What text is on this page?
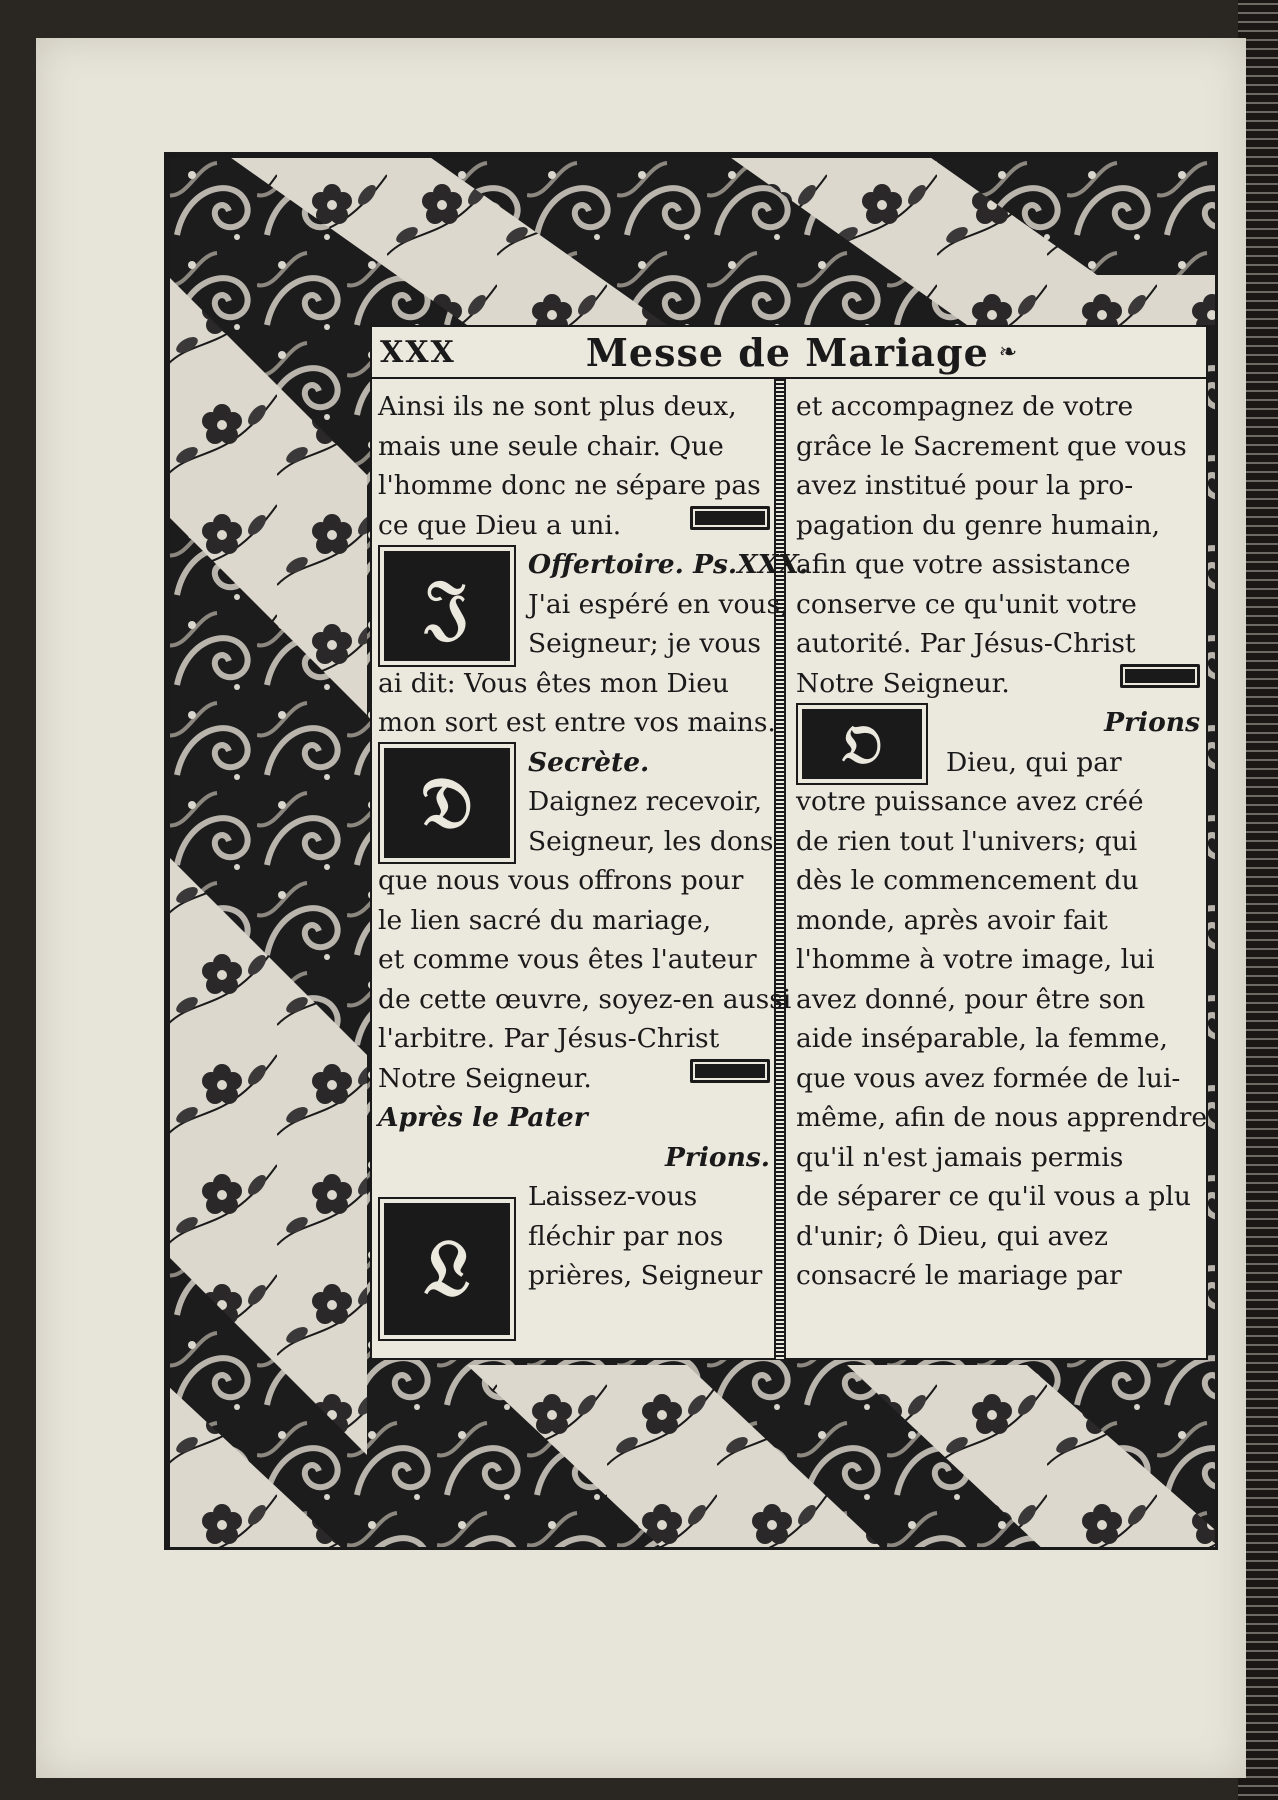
XXX	Messe de Mariage ❧
Ainsi ils ne sont plus deux,
mais une seule chair. Que
l'homme donc ne sépare pas
ce que Dieu a uni.
Offertoire. Ps.XXX.
J'ai espéré en vous,
Seigneur; je vous
ai dit: Vous êtes mon Dieu
mon sort est entre vos mains.
Secrète.
Daignez recevoir,
Seigneur, les dons
que nous vous offrons pour
le lien sacré du mariage,
et comme vous êtes l'auteur
de cette œuvre, soyez-en aussi
l'arbitre. Par Jésus-Christ
Notre Seigneur.
Après le Pater
Prions.
Laissez-vous
fléchir par nos
prières, Seigneur
et accompagnez de votre
grâce le Sacrement que vous
avez institué pour la pro-
pagation du genre humain,
afin que votre assistance
conserve ce qu'unit votre
autorité. Par Jésus-Christ
Notre Seigneur.
Prions
Dieu, qui par
votre puissance avez créé
de rien tout l'univers; qui
dès le commencement du
monde, après avoir fait
l'homme à votre image, lui
avez donné, pour être son
aide inséparable, la femme,
que vous avez formée de lui-
même, afin de nous apprendre
qu'il n'est jamais permis
de séparer ce qu'il vous a plu
d'unir; ô Dieu, qui avez
consacré le mariage par
𝔍
𝔇
𝔏
𝔒
